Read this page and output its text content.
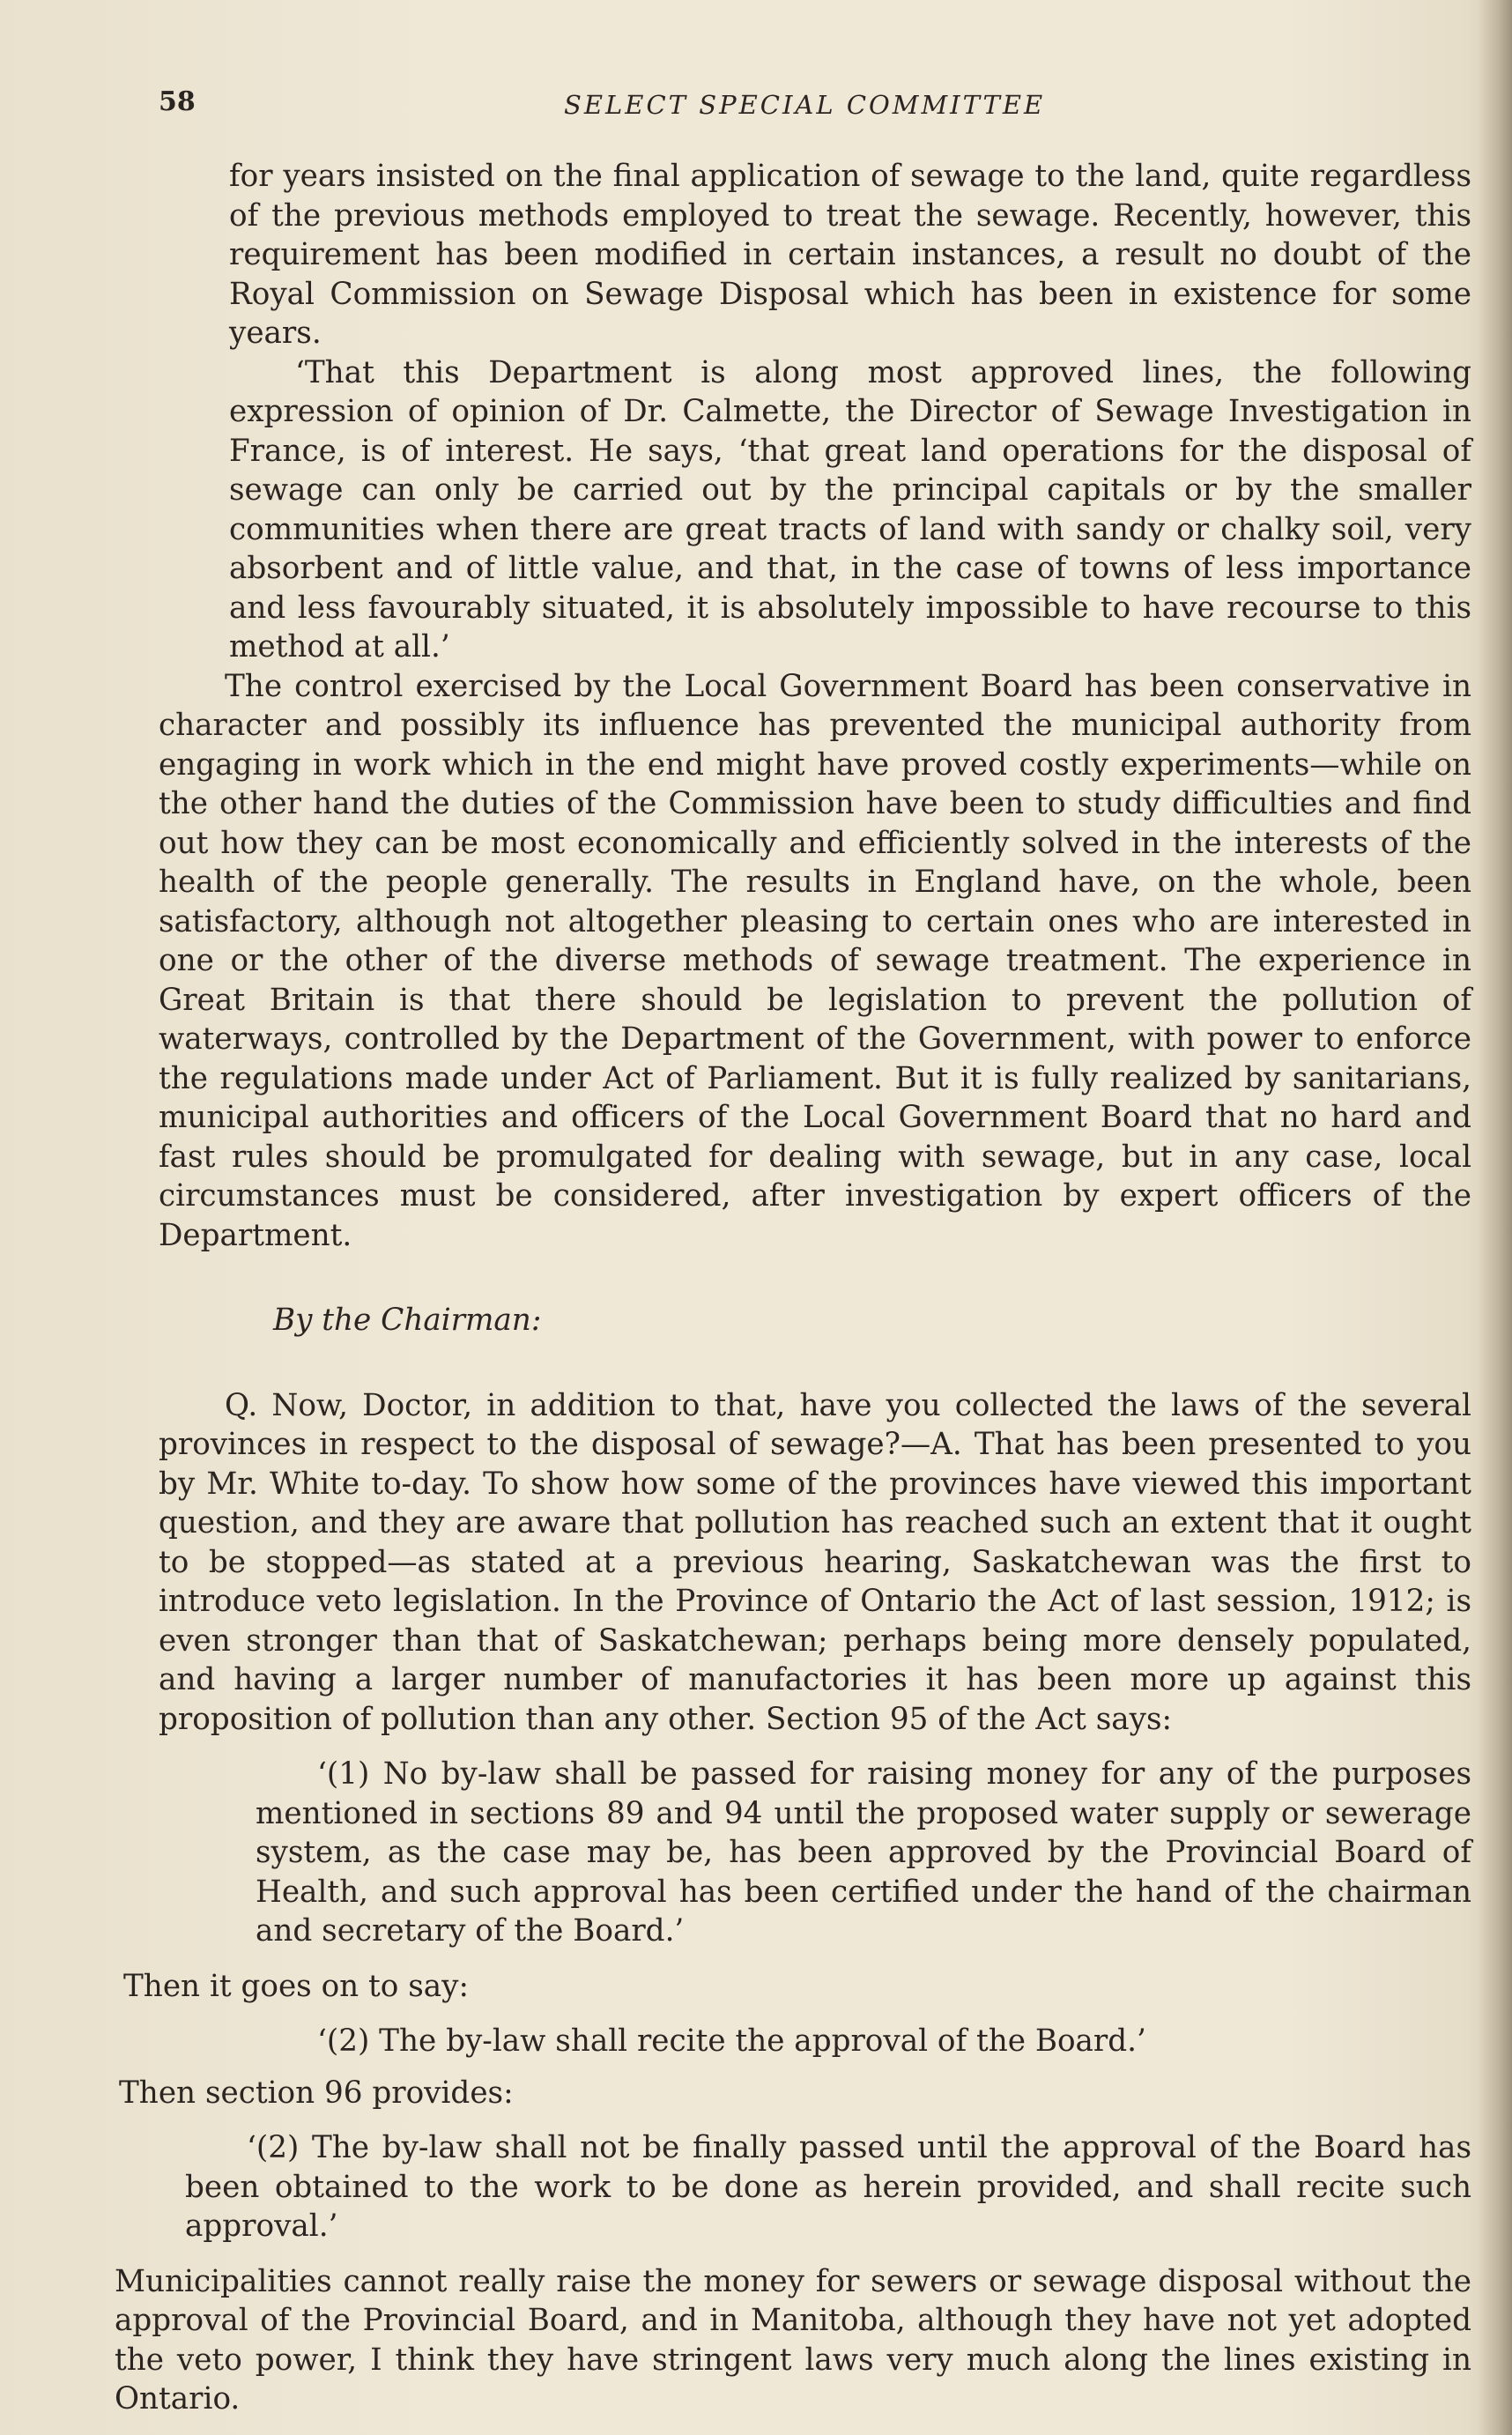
58	SELECT SPECIAL COMMITTEE

for years insisted on the final application of sewage to the land, quite regardless of the previous methods employed to treat the sewage. Recently, however, this requirement has been modified in certain instances, a result no doubt of the Royal Commission on Sewage Disposal which has been in existence for some years.

‘That this Department is along most approved lines, the following expression of opinion of Dr. Calmette, the Director of Sewage Investigation in France, is of interest. He says, ‘that great land operations for the disposal of sewage can only be carried out by the principal capitals or by the smaller communities when there are great tracts of land with sandy or chalky soil, very absorbent and of little value, and that, in the case of towns of less importance and less favourably situated, it is absolutely impossible to have recourse to this method at all.’

The control exercised by the Local Government Board has been conservative in character and possibly its influence has prevented the municipal authority from engaging in work which in the end might have proved costly experiments—while on the other hand the duties of the Commission have been to study difficulties and find out how they can be most economically and efficiently solved in the interests of the health of the people generally. The results in England have, on the whole, been satisfactory, although not altogether pleasing to certain ones who are interested in one or the other of the diverse methods of sewage treatment. The experience in Great Britain is that there should be legislation to prevent the pollution of waterways, controlled by the Department of the Government, with power to enforce the regulations made under Act of Parliament. But it is fully realized by sanitarians, municipal authorities and officers of the Local Government Board that no hard and fast rules should be promulgated for dealing with sewage, but in any case, local circumstances must be considered, after investigation by expert officers of the Department.

By the Chairman:

Q. Now, Doctor, in addition to that, have you collected the laws of the several provinces in respect to the disposal of sewage?—A. That has been presented to you by Mr. White to-day. To show how some of the provinces have viewed this important question, and they are aware that pollution has reached such an extent that it ought to be stopped—as stated at a previous hearing, Saskatchewan was the first to introduce veto legislation. In the Province of Ontario the Act of last session, 1912; is even stronger than that of Saskatchewan; perhaps being more densely populated, and having a larger number of manufactories it has been more up against this proposition of pollution than any other. Section 95 of the Act says:

‘(1) No by-law shall be passed for raising money for any of the purposes mentioned in sections 89 and 94 until the proposed water supply or sewerage system, as the case may be, has been approved by the Provincial Board of Health, and such approval has been certified under the hand of the chairman and secretary of the Board.’

Then it goes on to say:

‘(2) The by-law shall recite the approval of the Board.’

Then section 96 provides:

‘(2) The by-law shall not be finally passed until the approval of the Board has been obtained to the work to be done as herein provided, and shall recite such approval.’

Municipalities cannot really raise the money for sewers or sewage disposal without the approval of the Provincial Board, and in Manitoba, although they have not yet adopted the veto power, I think they have stringent laws very much along the lines existing in Ontario.
